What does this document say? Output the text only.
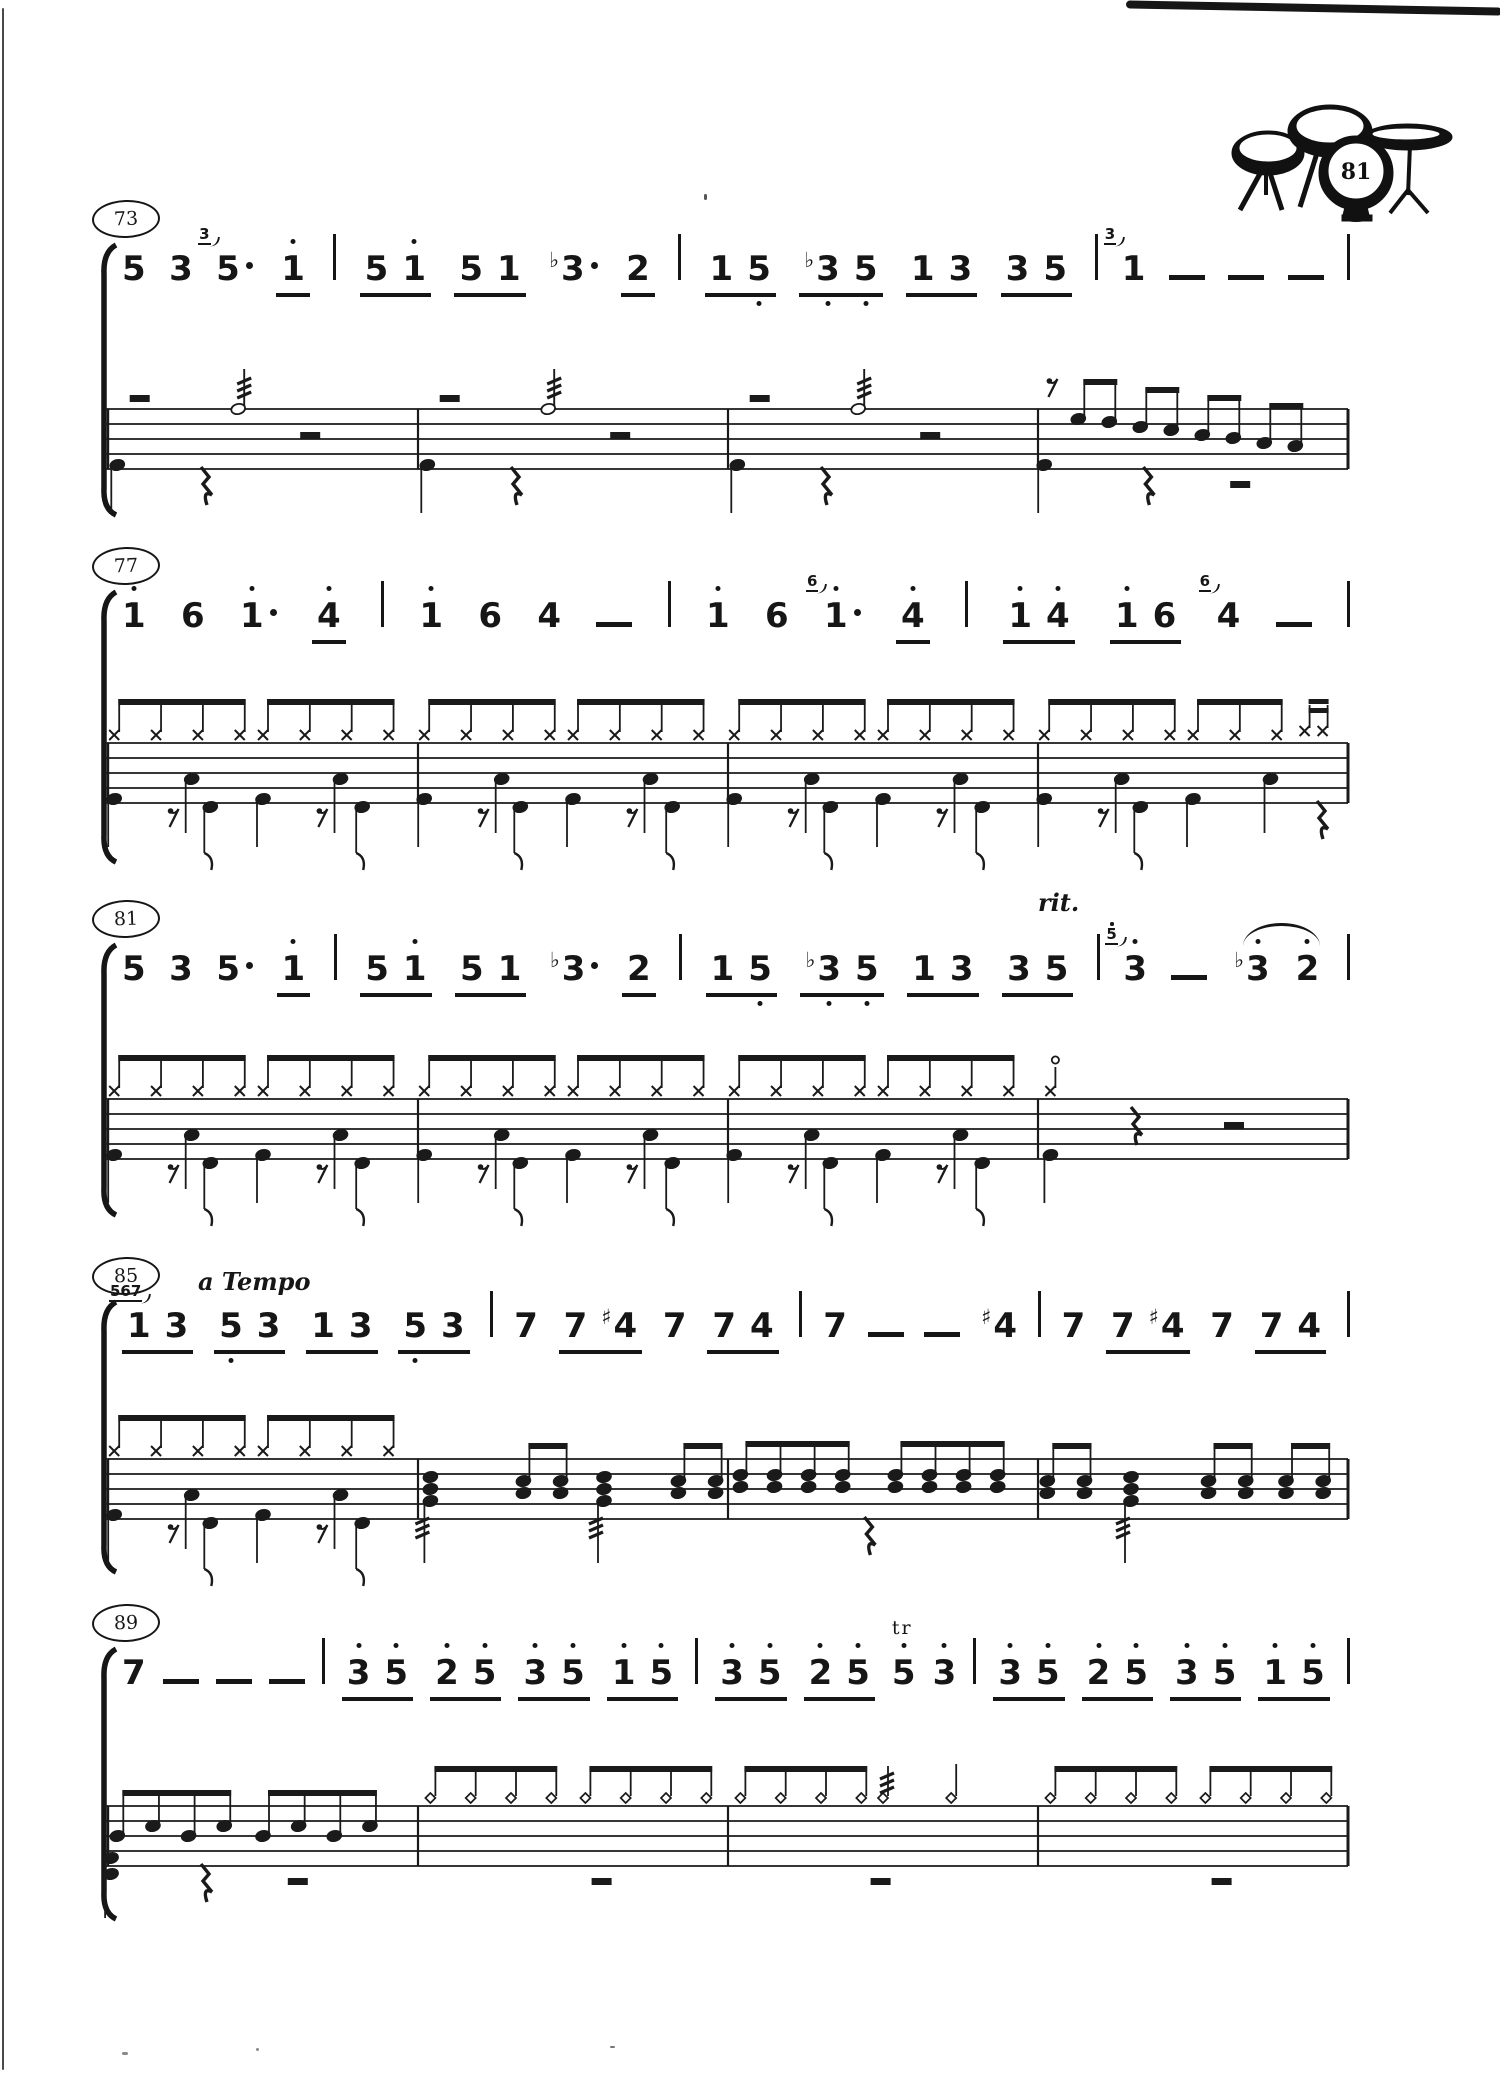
81
73
5 3
3
5 1 5 1 5 1 ♭ 3 2 1 5 ♭ 3 5 1 3 3 5
3
1
77
1 6 1 4 1 6 4	1 6
6
1 4 1 4 1 6
6
4
81
rit.
5 3 5 1 5 1 5 1 ♭ 3 2 1 5 ♭ 3 5 1 3 3 5
5
3	♭ 3 2
85	a Tempo
567
1 3 5 3 1 3 5 3 7 7 ♯ 4 7 7 4 7	♯ 4 7 7 ♯ 4 7 7 4
89
7	3 5 2 5 3 5 1 5 3 5 2 5 5
tr
3 3 5 2 5 3 5 1 5
